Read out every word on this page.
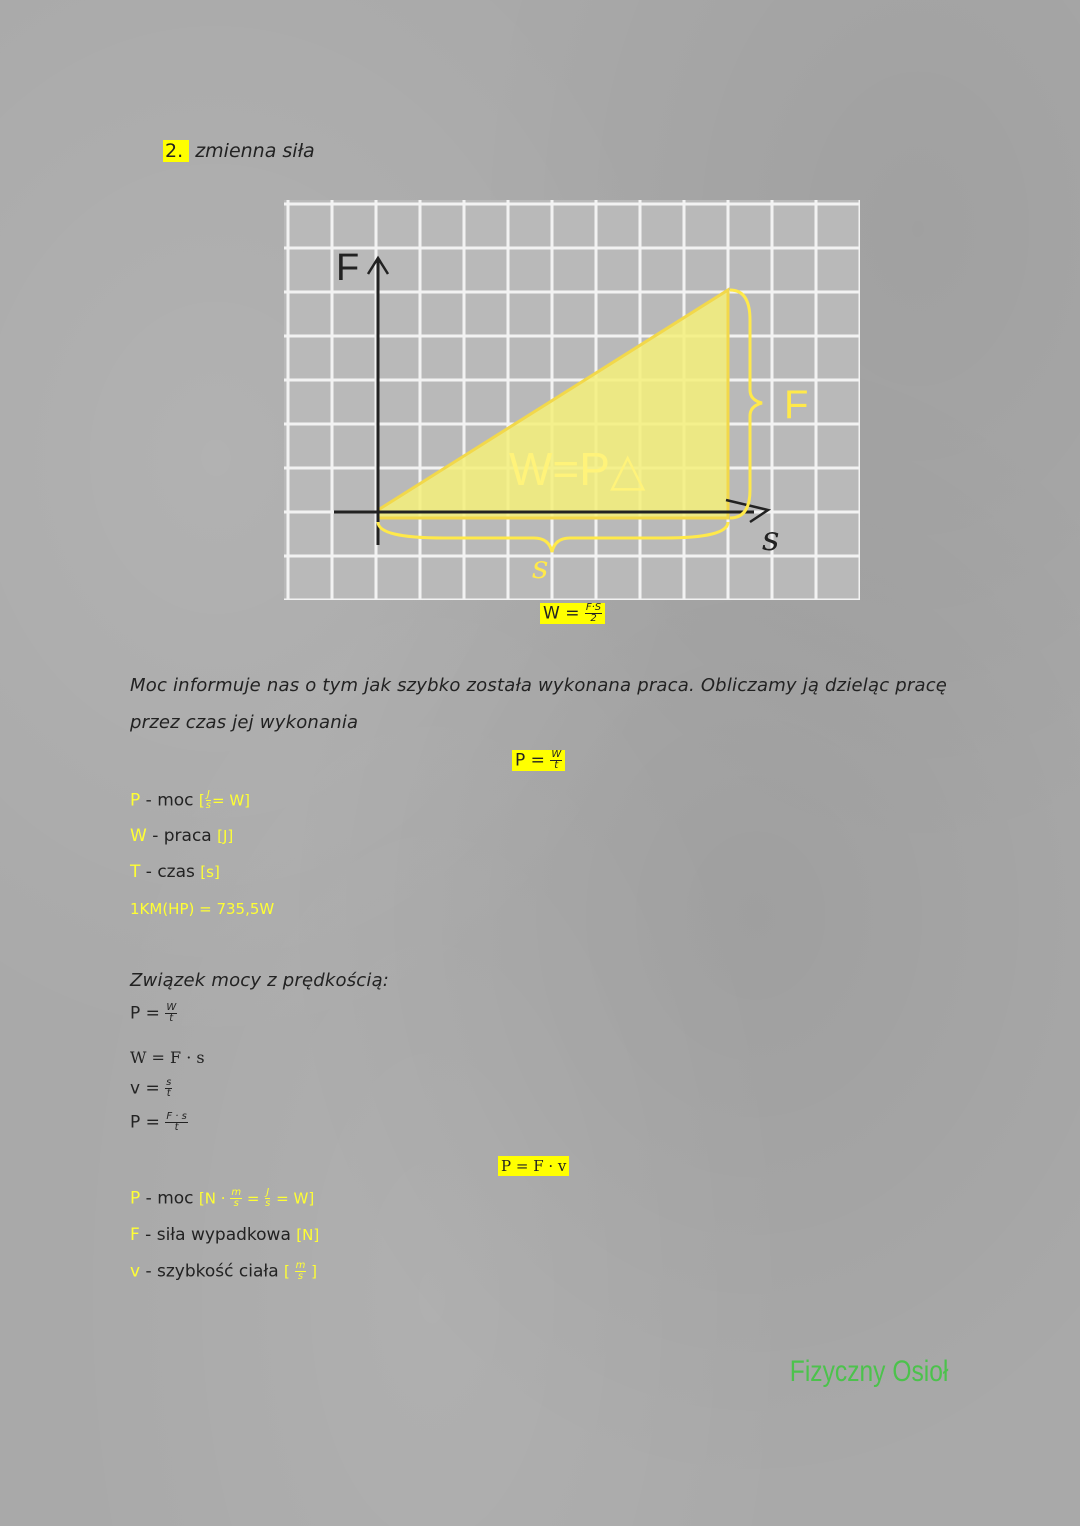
2. zmienna siła
F
s
W=P△
s
F
$W = \frac{F\cdot S}{2}$
Moc informuje nas o tym jak szybko została wykonana praca. Obliczamy ją dzieląc pracę
przez czas jej wykonania
$P = \frac{W}{t}$
P - moc [ $\frac{J}{s} = W$]
W - praca [J]
T - czas [s]
1KM(HP) = 735,5W
Związek mocy z prędkością:
$P = \frac{W}{t}$
W = F · s
$v = \frac{s}{t}$
$P = \frac{F \cdot s}{t}$
P = F · v
P - moc $[N \cdot \frac{m}{s} = \frac{J}{s} = W]$
F - siła wypadkowa [N]
v - szybkość ciała [ $\frac{m}{s}$ ]
Fizyczny Osioł
